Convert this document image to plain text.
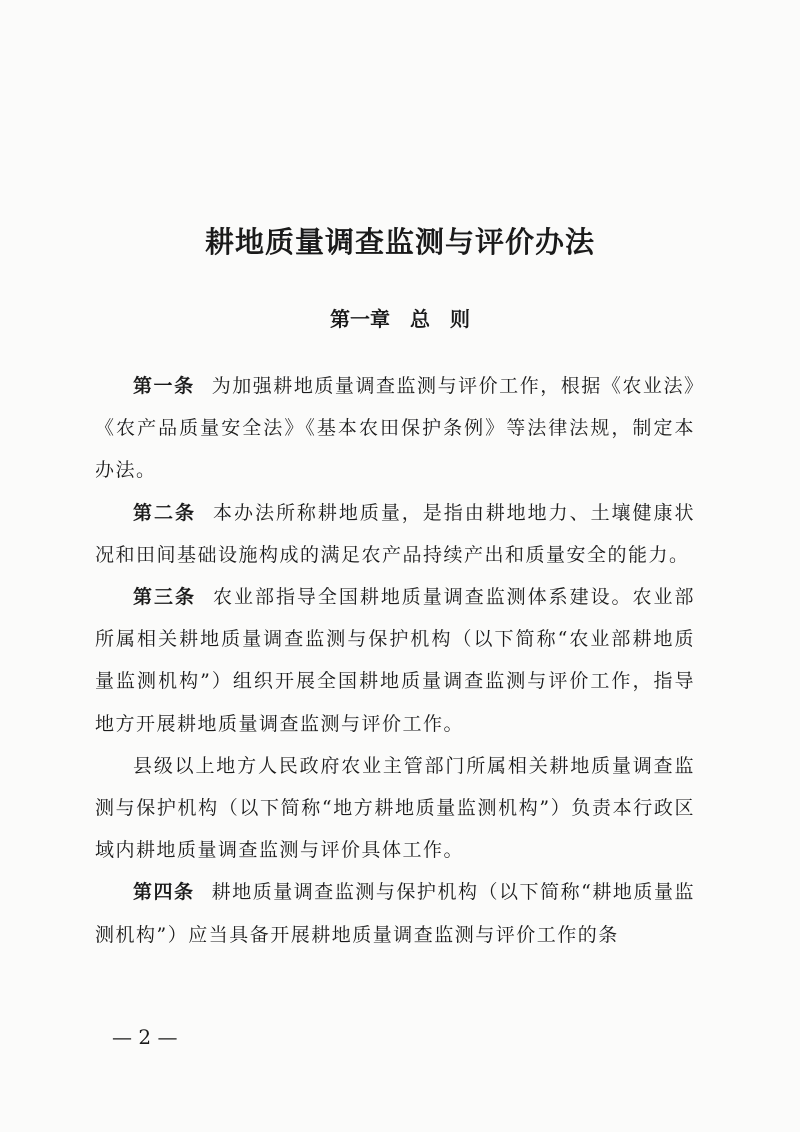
耕地质量调查监测与评价办法
第一章　总　则

第一条 为加强耕地质量调查监测与评价工作，根据《农业法》《农产品质量安全法》《基本农田保护条例》等法律法规，制定本办法。

第二条 本办法所称耕地质量，是指由耕地地力、土壤健康状况和田间基础设施构成的满足农产品持续产出和质量安全的能力。

第三条 农业部指导全国耕地质量调查监测体系建设。农业部所属相关耕地质量调查监测与保护机构（以下简称“农业部耕地质量监测机构”）组织开展全国耕地质量调查监测与评价工作，指导地方开展耕地质量调查监测与评价工作。

县级以上地方人民政府农业主管部门所属相关耕地质量调查监测与保护机构（以下简称“地方耕地质量监测机构”）负责本行政区域内耕地质量调查监测与评价具体工作。

第四条 耕地质量调查监测与保护机构（以下简称“耕地质量监测机构”）应当具备开展耕地质量调查监测与评价工作的条

— 2 —
